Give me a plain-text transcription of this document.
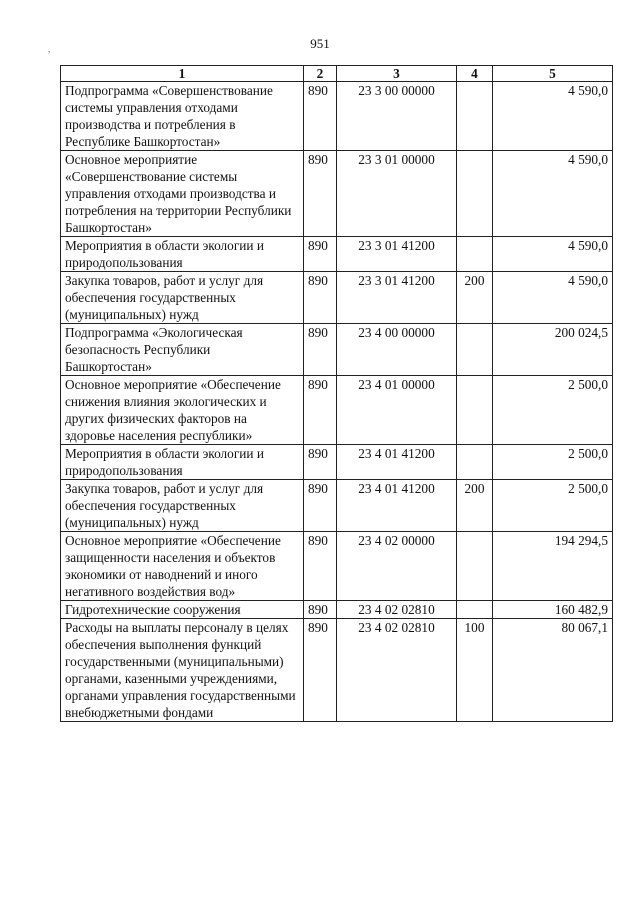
951
,
1	2	3	4	5
Подпрограмма «Совершенствование системы управления отходами производства и потребления в Республике Башкортостан»	890	23 3 00 00000		4 590,0
Основное мероприятие «Совершенствование системы управления отходами производства и потребления на территории Республики Башкортостан»	890	23 3 01 00000		4 590,0
Мероприятия в области экологии и природопользования	890	23 3 01 41200		4 590,0
Закупка товаров, работ и услуг для обеспечения государственных (муниципальных) нужд	890	23 3 01 41200	200	4 590,0
Подпрограмма «Экологическая безопасность Республики Башкортостан»	890	23 4 00 00000		200 024,5
Основное мероприятие «Обеспечение снижения влияния экологических и других физических факторов на здоровье населения республики»	890	23 4 01 00000		2 500,0
Мероприятия в области экологии и природопользования	890	23 4 01 41200		2 500,0
Закупка товаров, работ и услуг для обеспечения государственных (муниципальных) нужд	890	23 4 01 41200	200	2 500,0
Основное мероприятие «Обеспечение защищенности населения и объектов экономики от наводнений и иного негативного воздействия вод»	890	23 4 02 00000		194 294,5
Гидротехнические сооружения	890	23 4 02 02810		160 482,9
Расходы на выплаты персоналу в целях обеспечения выполнения функций государственными (муниципальными) органами, казенными учреждениями, органами управления государственными внебюджетными фондами	890	23 4 02 02810	100	80 067,1
